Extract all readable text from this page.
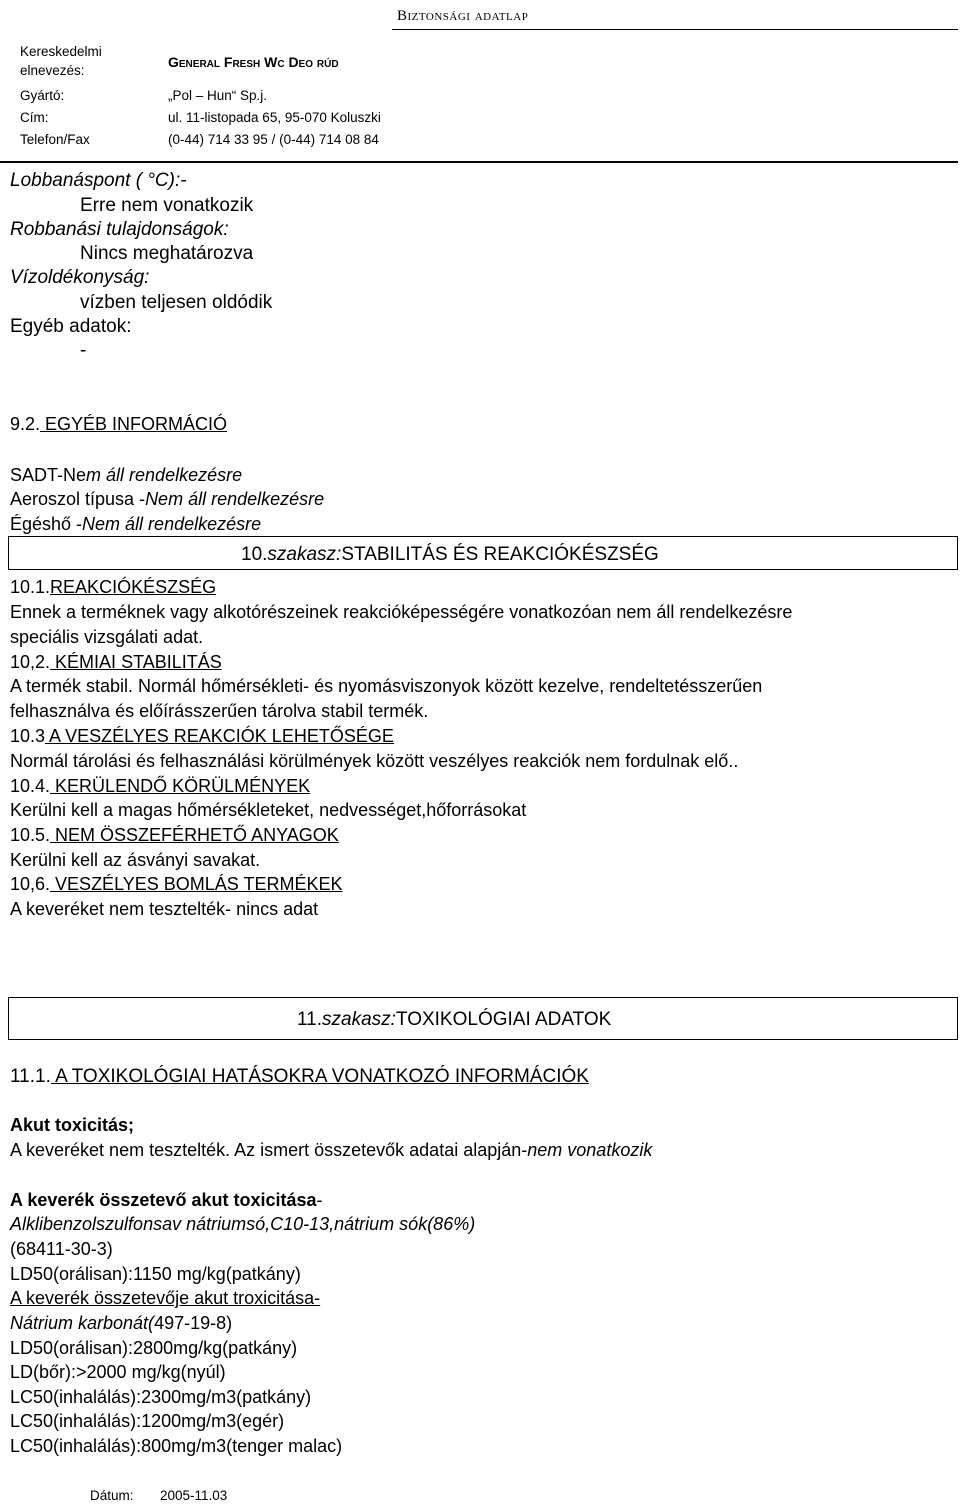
Biztonsági adatlap
Kereskedelmi
elnevezés:
General Fresh Wc Deo rúd
Gyártó:	„Pol – Hun“ Sp.j.
Cím:	ul. 11-listopada 65, 95-070 Koluszki
Telefon/Fax	(0-44) 714 33 95 / (0-44) 714 08 84
Lobbanáspont ( °C):-
Erre nem vonatkozik
Robbanási tulajdonságok:
Nincs meghatározva
Vízoldékonyság:
vízben teljesen oldódik
Egyéb adatok:
-
9.2. EGYÉB INFORMÁCIÓ
SADT-Nem áll rendelkezésre
Aeroszol típusa -Nem áll rendelkezésre
Égéshő -Nem áll rendelkezésre
10.szakasz:STABILITÁS ÉS REAKCIÓKÉSZSÉG
10.1.REAKCIÓKÉSZSÉG
Ennek a terméknek vagy alkotórészeinek reakcióképességére vonatkozóan nem áll rendelkezésre
speciális vizsgálati adat.
10,2. KÉMIAI STABILITÁS
A termék stabil. Normál hőmérsékleti- és nyomásviszonyok között kezelve, rendeltetésszerűen
felhasználva és előírásszerűen tárolva stabil termék.
10.3 A VESZÉLYES REAKCIÓK LEHETŐSÉGE
Normál tárolási és felhasználási körülmények között veszélyes reakciók nem fordulnak elő..
10.4. KERÜLENDŐ KÖRÜLMÉNYEK
Kerülni kell a magas hőmérsékleteket, nedvességet,hőforrásokat
10.5. NEM ÖSSZEFÉRHETŐ ANYAGOK
Kerülni kell az ásványi savakat.
10,6. VESZÉLYES BOMLÁS TERMÉKEK
A keveréket nem tesztelték- nincs adat
11.szakasz:TOXIKOLÓGIAI ADATOK
11.1. A TOXIKOLÓGIAI HATÁSOKRA VONATKOZÓ INFORMÁCIÓK
Akut toxicitás;
A keveréket nem tesztelték. Az ismert összetevők adatai alapján-nem vonatkozik
A keverék összetevő akut toxicitása-
Alklibenzolszulfonsav nátriumsó,C10-13,nátrium sók(86%)
(68411-30-3)
LD50(orálisan):1150 mg/kg(patkány)
A keverék összetevője akut troxicitása-
Nátrium karbonát(497-19-8)
LD50(orálisan):2800mg/kg(patkány)
LD(bőr):>2000 mg/kg(nyúl)
LC50(inhalálás):2300mg/m3(patkány)
LC50(inhalálás):1200mg/m3(egér)
LC50(inhalálás):800mg/m3(tenger malac)
Dátum: 2005-11.03
